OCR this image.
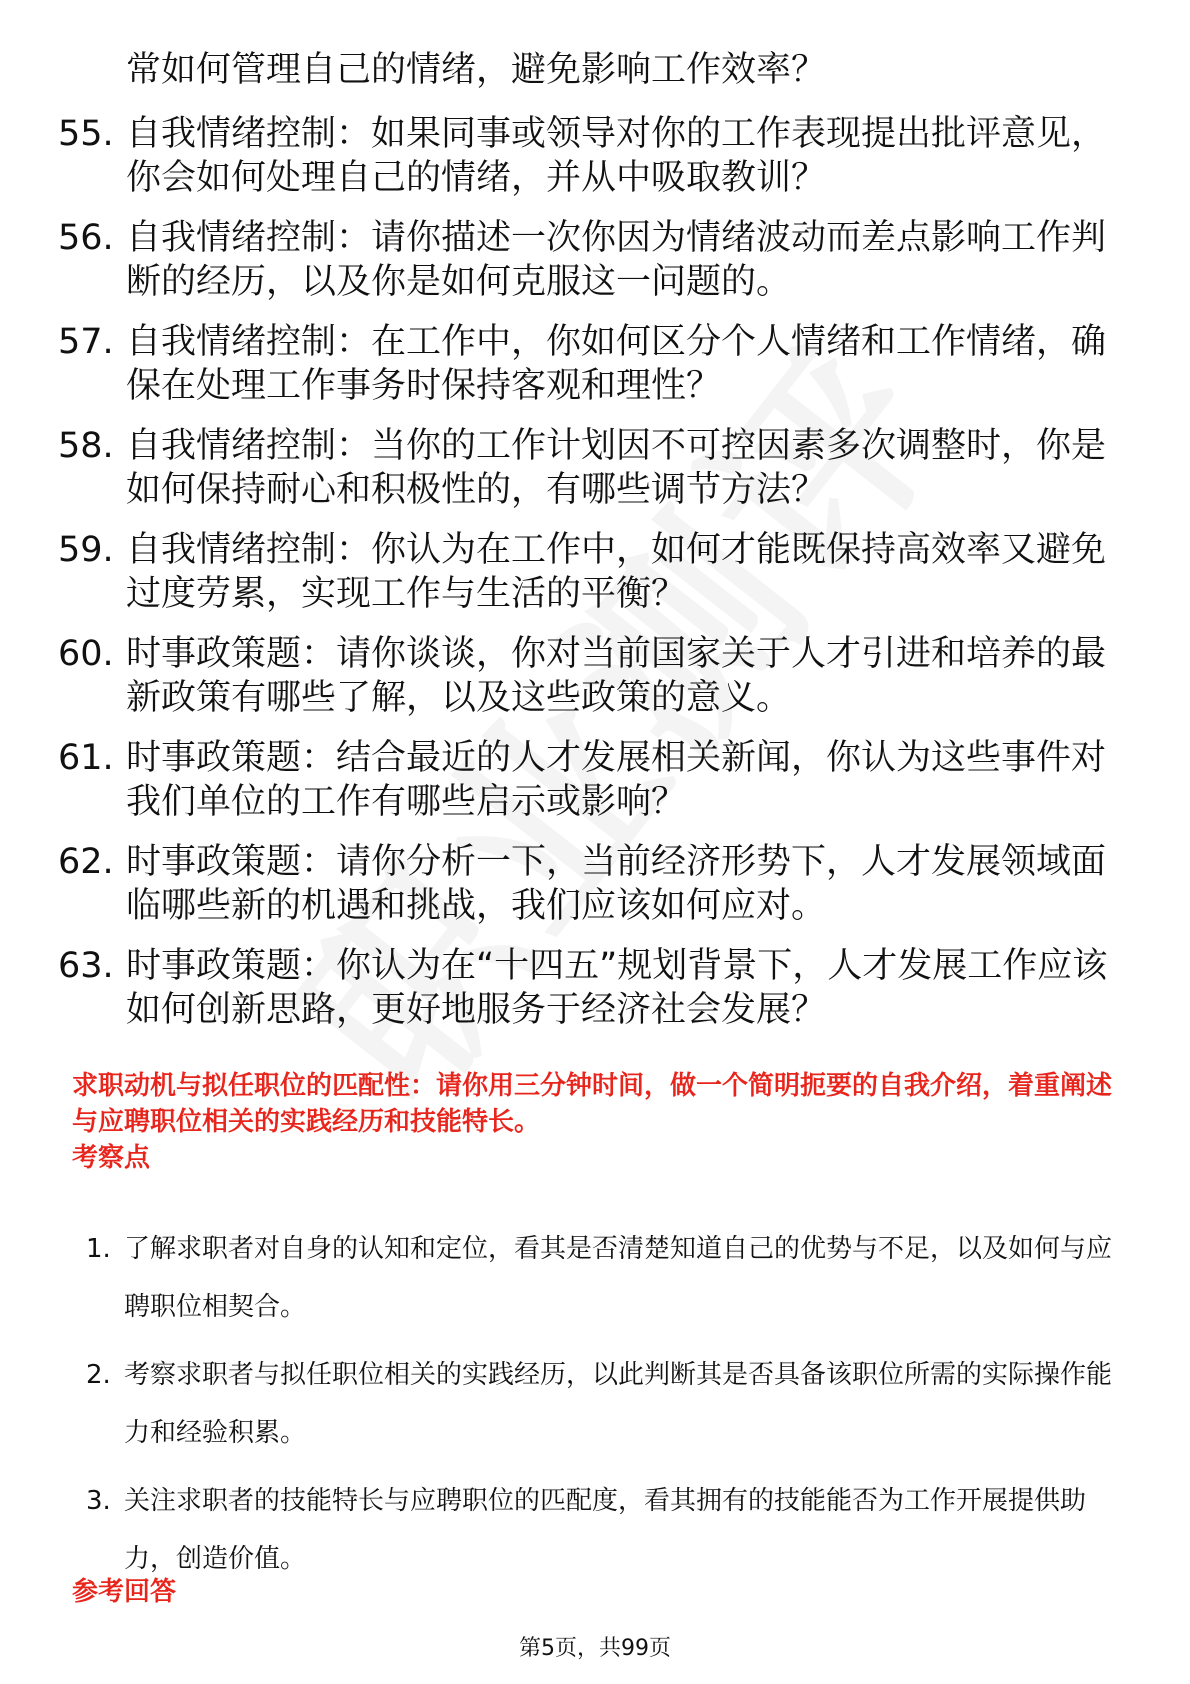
常如何管理自己的情绪，避免影响工作效率？
55. 自我情绪控制：如果同事或领导对你的工作表现提出批评意见，你会如何处理自己的情绪，并从中吸取教训？
56. 自我情绪控制：请你描述一次你因为情绪波动而差点影响工作判断的经历，以及你是如何克服这一问题的。
57. 自我情绪控制：在工作中，你如何区分个人情绪和工作情绪，确保在处理工作事务时保持客观和理性？
58. 自我情绪控制：当你的工作计划因不可控因素多次调整时，你是如何保持耐心和积极性的，有哪些调节方法？
59. 自我情绪控制：你认为在工作中，如何才能既保持高效率又避免过度劳累，实现工作与生活的平衡？
60. 时事政策题：请你谈谈，你对当前国家关于人才引进和培养的最新政策有哪些了解，以及这些政策的意义。
61. 时事政策题：结合最近的人才发展相关新闻，你认为这些事件对我们单位的工作有哪些启示或影响？
62. 时事政策题：请你分析一下，当前经济形势下，人才发展领域面临哪些新的机遇和挑战，我们应该如何应对。
63. 时事政策题：你认为在“十四五”规划背景下，人才发展工作应该如何创新思路，更好地服务于经济社会发展？
求职动机与拟任职位的匹配性：请你用三分钟时间，做一个简明扼要的自我介绍，着重阐述与应聘职位相关的实践经历和技能特长。
考察点
1. 了解求职者对自身的认知和定位，看其是否清楚知道自己的优势与不足，以及如何与应聘职位相契合。
2. 考察求职者与拟任职位相关的实践经历，以此判断其是否具备该职位所需的实际操作能力和经验积累。
3. 关注求职者的技能特长与应聘职位的匹配度，看其拥有的技能能否为工作开展提供助力，创造价值。
参考回答
第5页，共99页
